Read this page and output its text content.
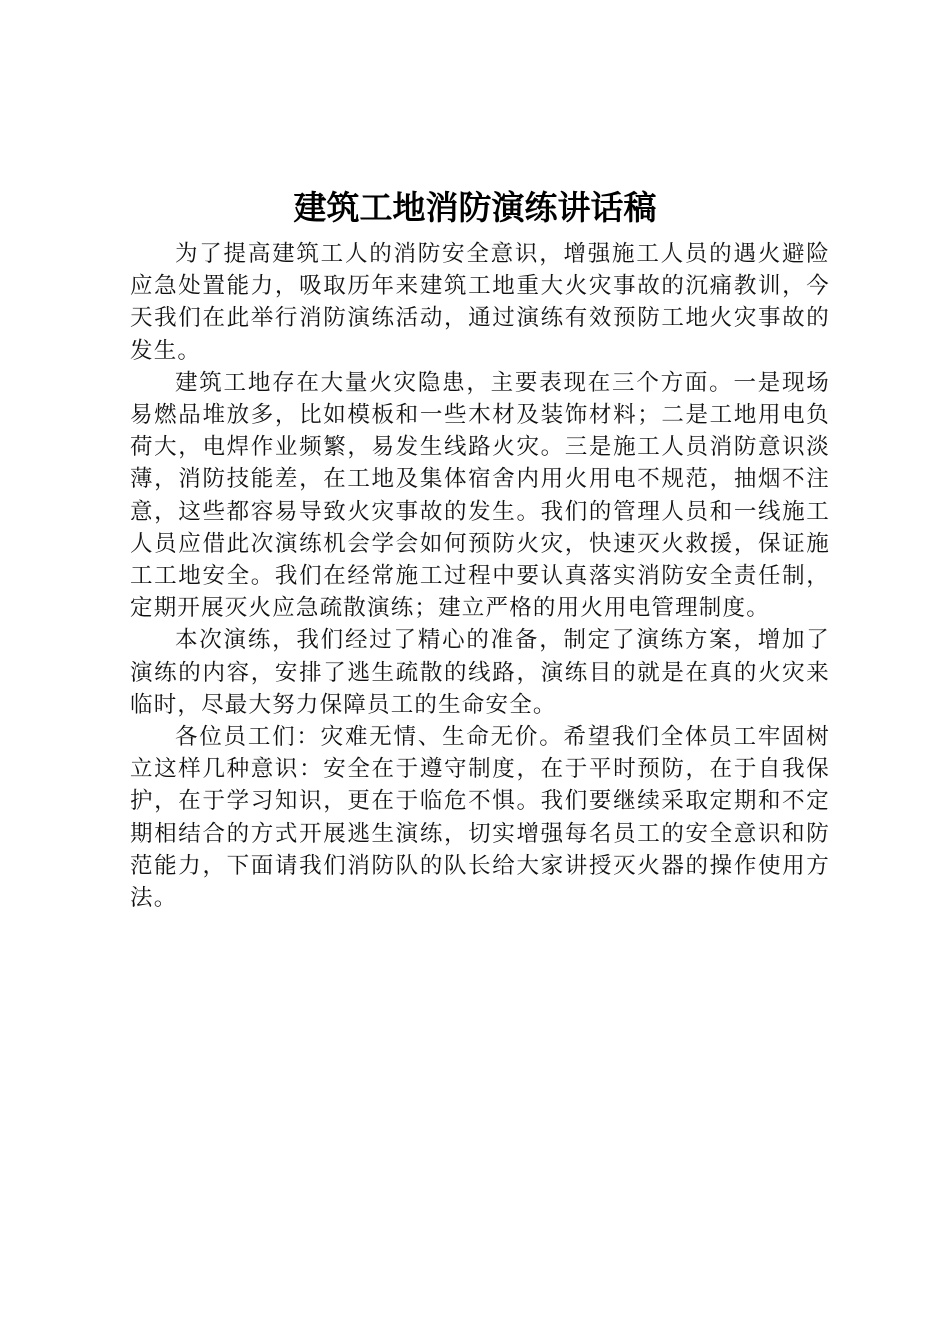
建筑工地消防演练讲话稿

为了提高建筑工人的消防安全意识，增强施工人员的遇火避险应急处置能力，吸取历年来建筑工地重大火灾事故的沉痛教训，今天我们在此举行消防演练活动，通过演练有效预防工地火灾事故的发生。

建筑工地存在大量火灾隐患，主要表现在三个方面。一是现场易燃品堆放多，比如模板和一些木材及装饰材料；二是工地用电负荷大，电焊作业频繁，易发生线路火灾。三是施工人员消防意识淡薄，消防技能差，在工地及集体宿舍内用火用电不规范，抽烟不注意，这些都容易导致火灾事故的发生。我们的管理人员和一线施工人员应借此次演练机会学会如何预防火灾，快速灭火救援，保证施工工地安全。我们在经常施工过程中要认真落实消防安全责任制，定期开展灭火应急疏散演练；建立严格的用火用电管理制度。

本次演练，我们经过了精心的准备，制定了演练方案，增加了演练的内容，安排了逃生疏散的线路，演练目的就是在真的火灾来临时，尽最大努力保障员工的生命安全。

各位员工们：灾难无情、生命无价。希望我们全体员工牢固树立这样几种意识：安全在于遵守制度，在于平时预防，在于自我保护，在于学习知识，更在于临危不惧。我们要继续采取定期和不定期相结合的方式开展逃生演练，切实增强每名员工的安全意识和防范能力，下面请我们消防队的队长给大家讲授灭火器的操作使用方法。
